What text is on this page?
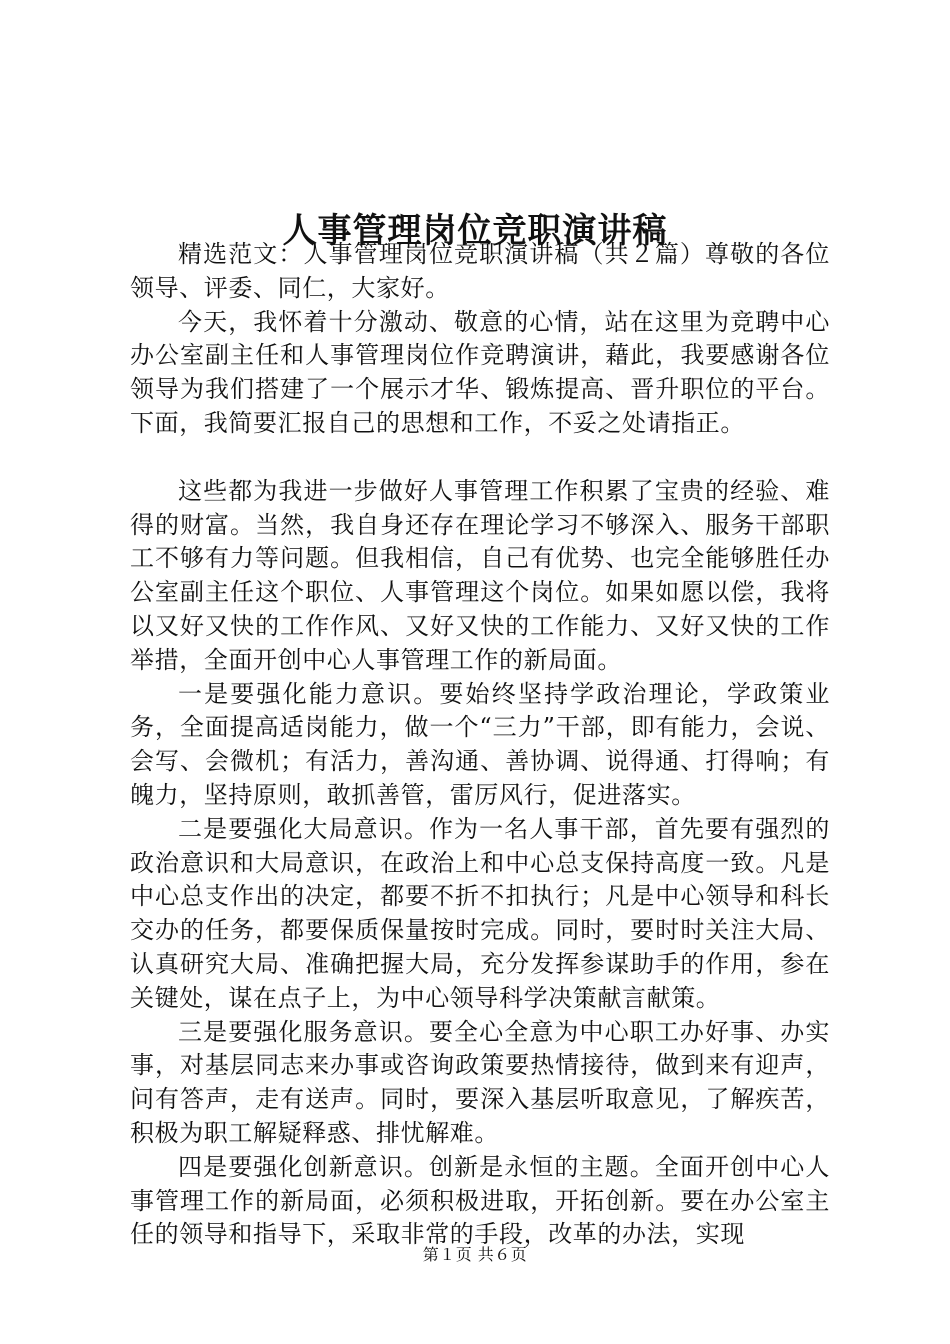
人事管理岗位竞职演讲稿

精选范文：人事管理岗位竞职演讲稿（共２篇）尊敬的各位领导、评委、同仁，大家好。

今天，我怀着十分激动、敬意的心情，站在这里为竞聘中心办公室副主任和人事管理岗位作竞聘演讲，藉此，我要感谢各位领导为我们搭建了一个展示才华、锻炼提高、晋升职位的平台。下面，我简要汇报自己的思想和工作，不妥之处请指正。

这些都为我进一步做好人事管理工作积累了宝贵的经验、难得的财富。当然，我自身还存在理论学习不够深入、服务干部职工不够有力等问题。但我相信，自己有优势、也完全能够胜任办公室副主任这个职位、人事管理这个岗位。如果如愿以偿，我将以又好又快的工作作风、又好又快的工作能力、又好又快的工作举措，全面开创中心人事管理工作的新局面。

一是要强化能力意识。要始终坚持学政治理论，学政策业务，全面提高适岗能力，做一个“三力”干部，即有能力，会说、会写、会微机；有活力，善沟通、善协调、说得通、打得响；有魄力，坚持原则，敢抓善管，雷厉风行，促进落实。

二是要强化大局意识。作为一名人事干部，首先要有强烈的政治意识和大局意识，在政治上和中心总支保持高度一致。凡是中心总支作出的决定，都要不折不扣执行；凡是中心领导和科长交办的任务，都要保质保量按时完成。同时，要时时关注大局、认真研究大局、准确把握大局，充分发挥参谋助手的作用，参在关键处，谋在点子上，为中心领导科学决策献言献策。

三是要强化服务意识。要全心全意为中心职工办好事、办实事，对基层同志来办事或咨询政策要热情接待，做到来有迎声，问有答声，走有送声。同时，要深入基层听取意见，了解疾苦，积极为职工解疑释惑、排忧解难。

四是要强化创新意识。创新是永恒的主题。全面开创中心人事管理工作的新局面，必须积极进取，开拓创新。要在办公室主任的领导和指导下，采取非常的手段，改革的办法，实现

第１页 共６页
